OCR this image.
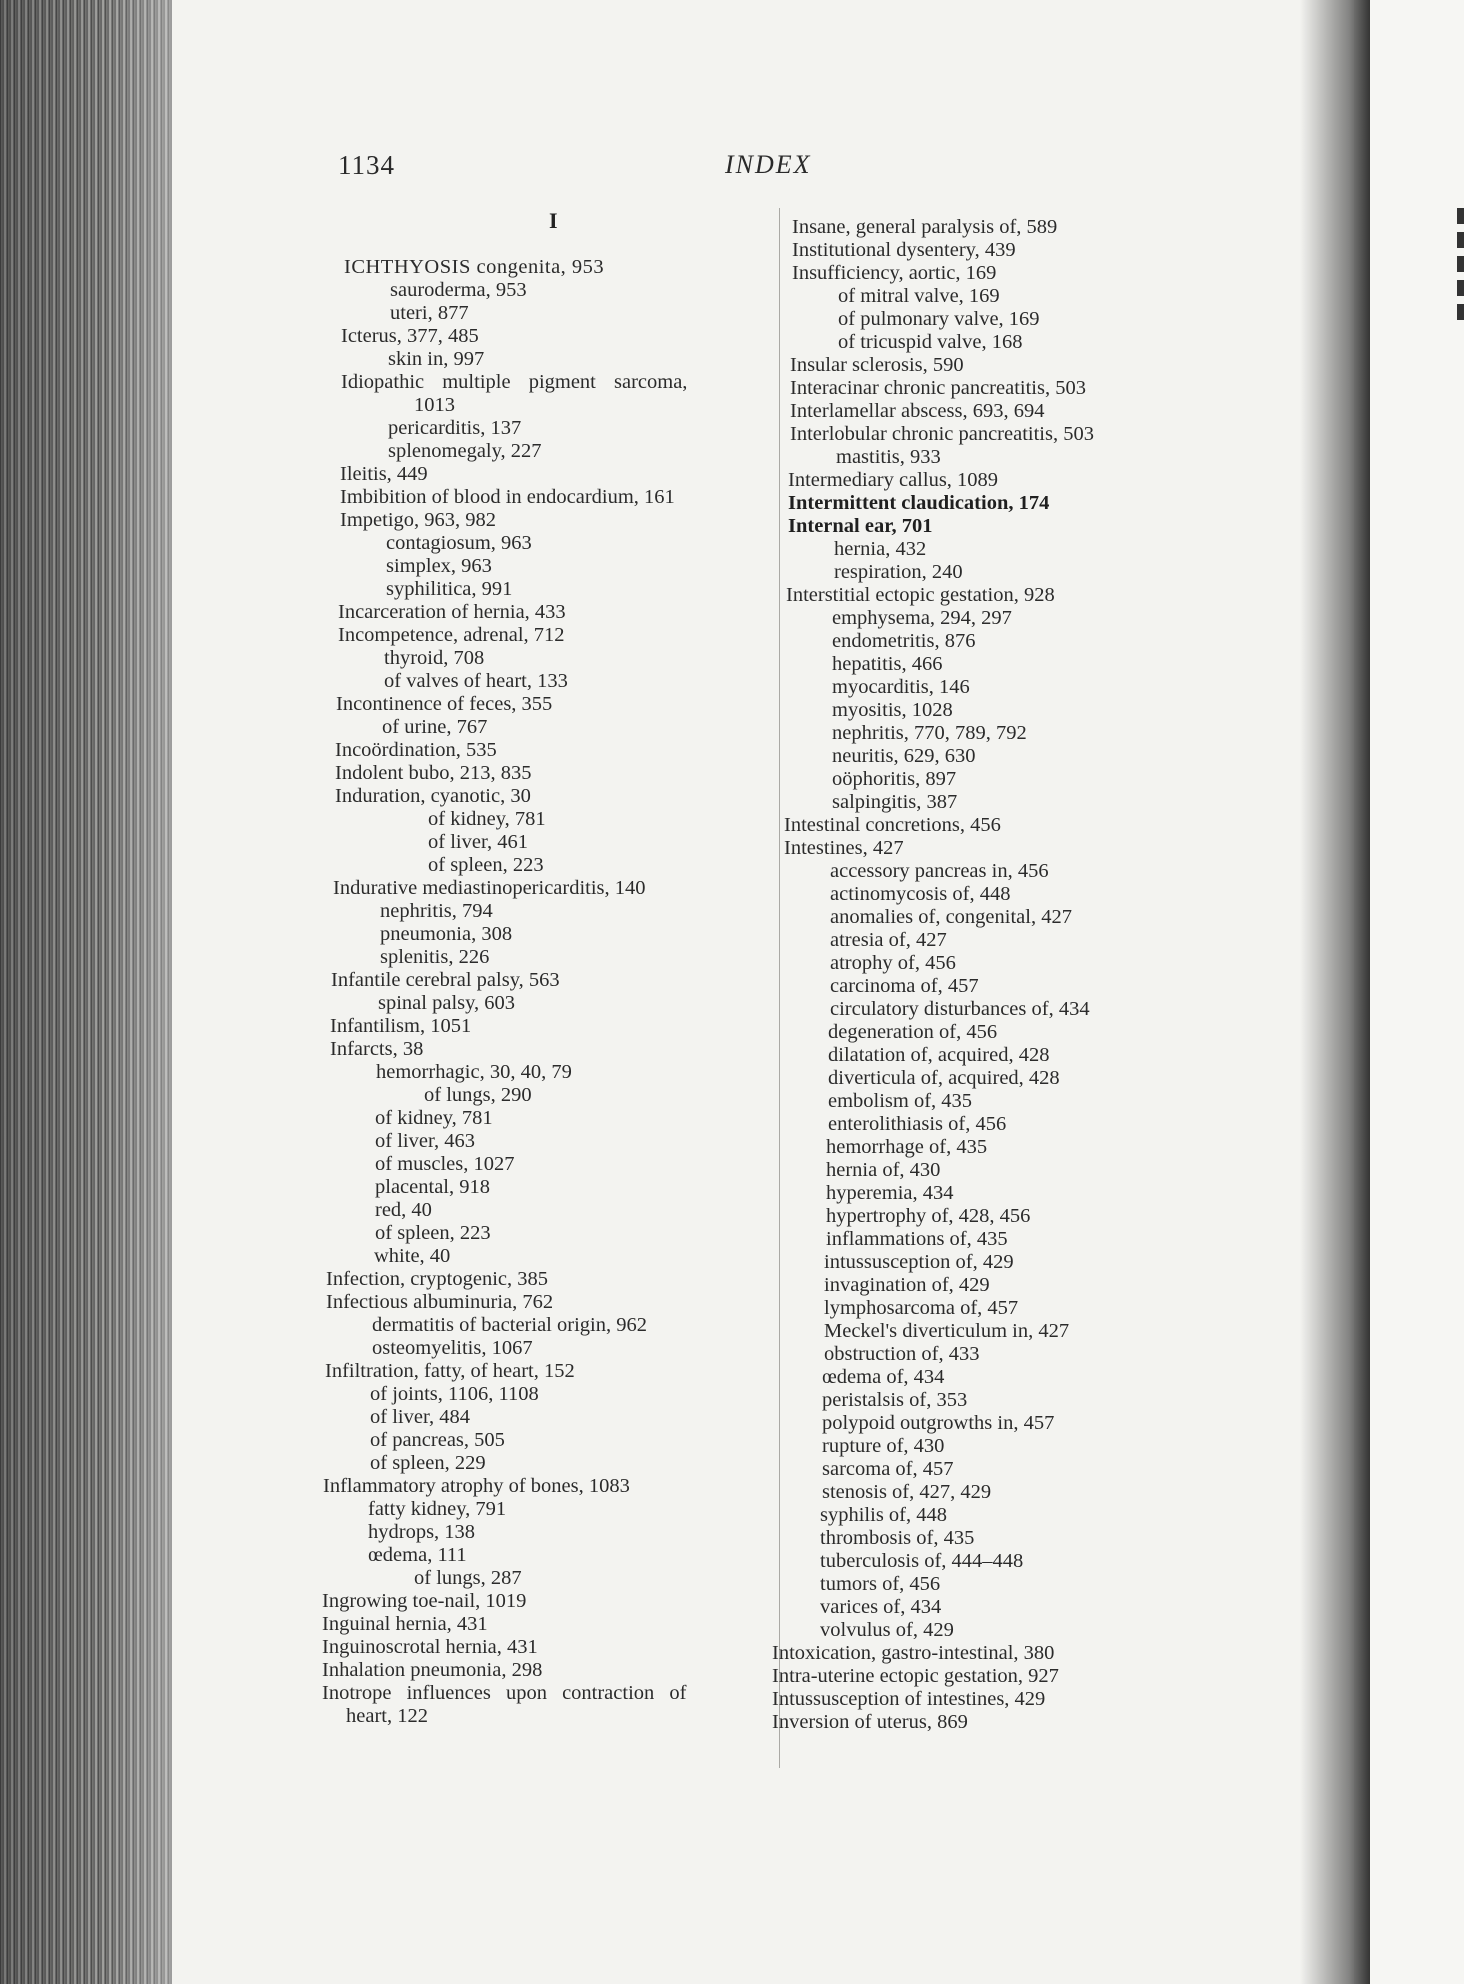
1134	INDEX
I
ICHTHYOSIS congenita, 953
sauroderma, 953
uteri, 877
Icterus, 377, 485
skin in, 997
Idiopathic multiple pigment sarcoma,
1013
pericarditis, 137
splenomegaly, 227
Ileitis, 449
Imbibition of blood in endocardium, 161
Impetigo, 963, 982
contagiosum, 963
simplex, 963
syphilitica, 991
Incarceration of hernia, 433
Incompetence, adrenal, 712
thyroid, 708
of valves of heart, 133
Incontinence of feces, 355
of urine, 767
Incoördination, 535
Indolent bubo, 213, 835
Induration, cyanotic, 30
of kidney, 781
of liver, 461
of spleen, 223
Indurative mediastinopericarditis, 140
nephritis, 794
pneumonia, 308
splenitis, 226
Infantile cerebral palsy, 563
spinal palsy, 603
Infantilism, 1051
Infarcts, 38
hemorrhagic, 30, 40, 79
of lungs, 290
of kidney, 781
of liver, 463
of muscles, 1027
placental, 918
red, 40
of spleen, 223
white, 40
Infection, cryptogenic, 385
Infectious albuminuria, 762
dermatitis of bacterial origin, 962
osteomyelitis, 1067
Infiltration, fatty, of heart, 152
of joints, 1106, 1108
of liver, 484
of pancreas, 505
of spleen, 229
Inflammatory atrophy of bones, 1083
fatty kidney, 791
hydrops, 138
œdema, 111
of lungs, 287
Ingrowing toe-nail, 1019
Inguinal hernia, 431
Inguinoscrotal hernia, 431
Inhalation pneumonia, 298
Inotrope influences upon contraction of
heart, 122
Insane, general paralysis of, 589
Institutional dysentery, 439
Insufficiency, aortic, 169
of mitral valve, 169
of pulmonary valve, 169
of tricuspid valve, 168
Insular sclerosis, 590
Interacinar chronic pancreatitis, 503
Interlamellar abscess, 693, 694
Interlobular chronic pancreatitis, 503
mastitis, 933
Intermediary callus, 1089
Intermittent claudication, 174
Internal ear, 701
hernia, 432
respiration, 240
Interstitial ectopic gestation, 928
emphysema, 294, 297
endometritis, 876
hepatitis, 466
myocarditis, 146
myositis, 1028
nephritis, 770, 789, 792
neuritis, 629, 630
oöphoritis, 897
salpingitis, 387
Intestinal concretions, 456
Intestines, 427
accessory pancreas in, 456
actinomycosis of, 448
anomalies of, congenital, 427
atresia of, 427
atrophy of, 456
carcinoma of, 457
circulatory disturbances of, 434
degeneration of, 456
dilatation of, acquired, 428
diverticula of, acquired, 428
embolism of, 435
enterolithiasis of, 456
hemorrhage of, 435
hernia of, 430
hyperemia, 434
hypertrophy of, 428, 456
inflammations of, 435
intussusception of, 429
invagination of, 429
lymphosarcoma of, 457
Meckel's diverticulum in, 427
obstruction of, 433
œdema of, 434
peristalsis of, 353
polypoid outgrowths in, 457
rupture of, 430
sarcoma of, 457
stenosis of, 427, 429
syphilis of, 448
thrombosis of, 435
tuberculosis of, 444–448
tumors of, 456
varices of, 434
volvulus of, 429
Intoxication, gastro-intestinal, 380
Intra-uterine ectopic gestation, 927
Intussusception of intestines, 429
Inversion of uterus, 869
